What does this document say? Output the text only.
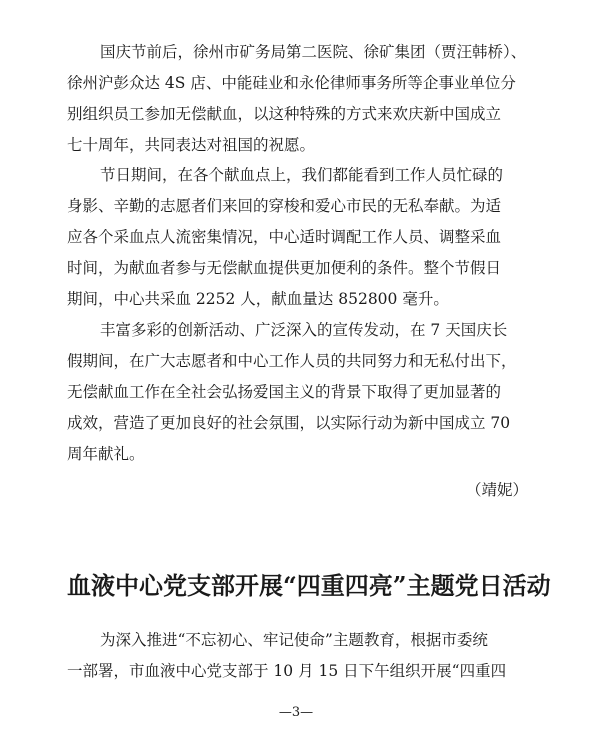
国庆节前后，徐州市矿务局第二医院、徐矿集团（贾汪韩桥）、
徐州沪彭众达 4S 店、中能硅业和永伦律师事务所等企事业单位分
别组织员工参加无偿献血，以这种特殊的方式来欢庆新中国成立
七十周年，共同表达对祖国的祝愿。
节日期间，在各个献血点上，我们都能看到工作人员忙碌的
身影、辛勤的志愿者们来回的穿梭和爱心市民的无私奉献。为适
应各个采血点人流密集情况，中心适时调配工作人员、调整采血
时间，为献血者参与无偿献血提供更加便利的条件。整个节假日
期间，中心共采血 2252 人，献血量达 852800 毫升。
丰富多彩的创新活动、广泛深入的宣传发动，在 7 天国庆长
假期间，在广大志愿者和中心工作人员的共同努力和无私付出下，
无偿献血工作在全社会弘扬爱国主义的背景下取得了更加显著的
成效，营造了更加良好的社会氛围，以实际行动为新中国成立 70
周年献礼。
（靖妮）
血液中心党支部开展“四重四亮”主题党日活动
为深入推进“不忘初心、牢记使命”主题教育，根据市委统
一部署，市血液中心党支部于 10 月 15 日下午组织开展“四重四
—3—
